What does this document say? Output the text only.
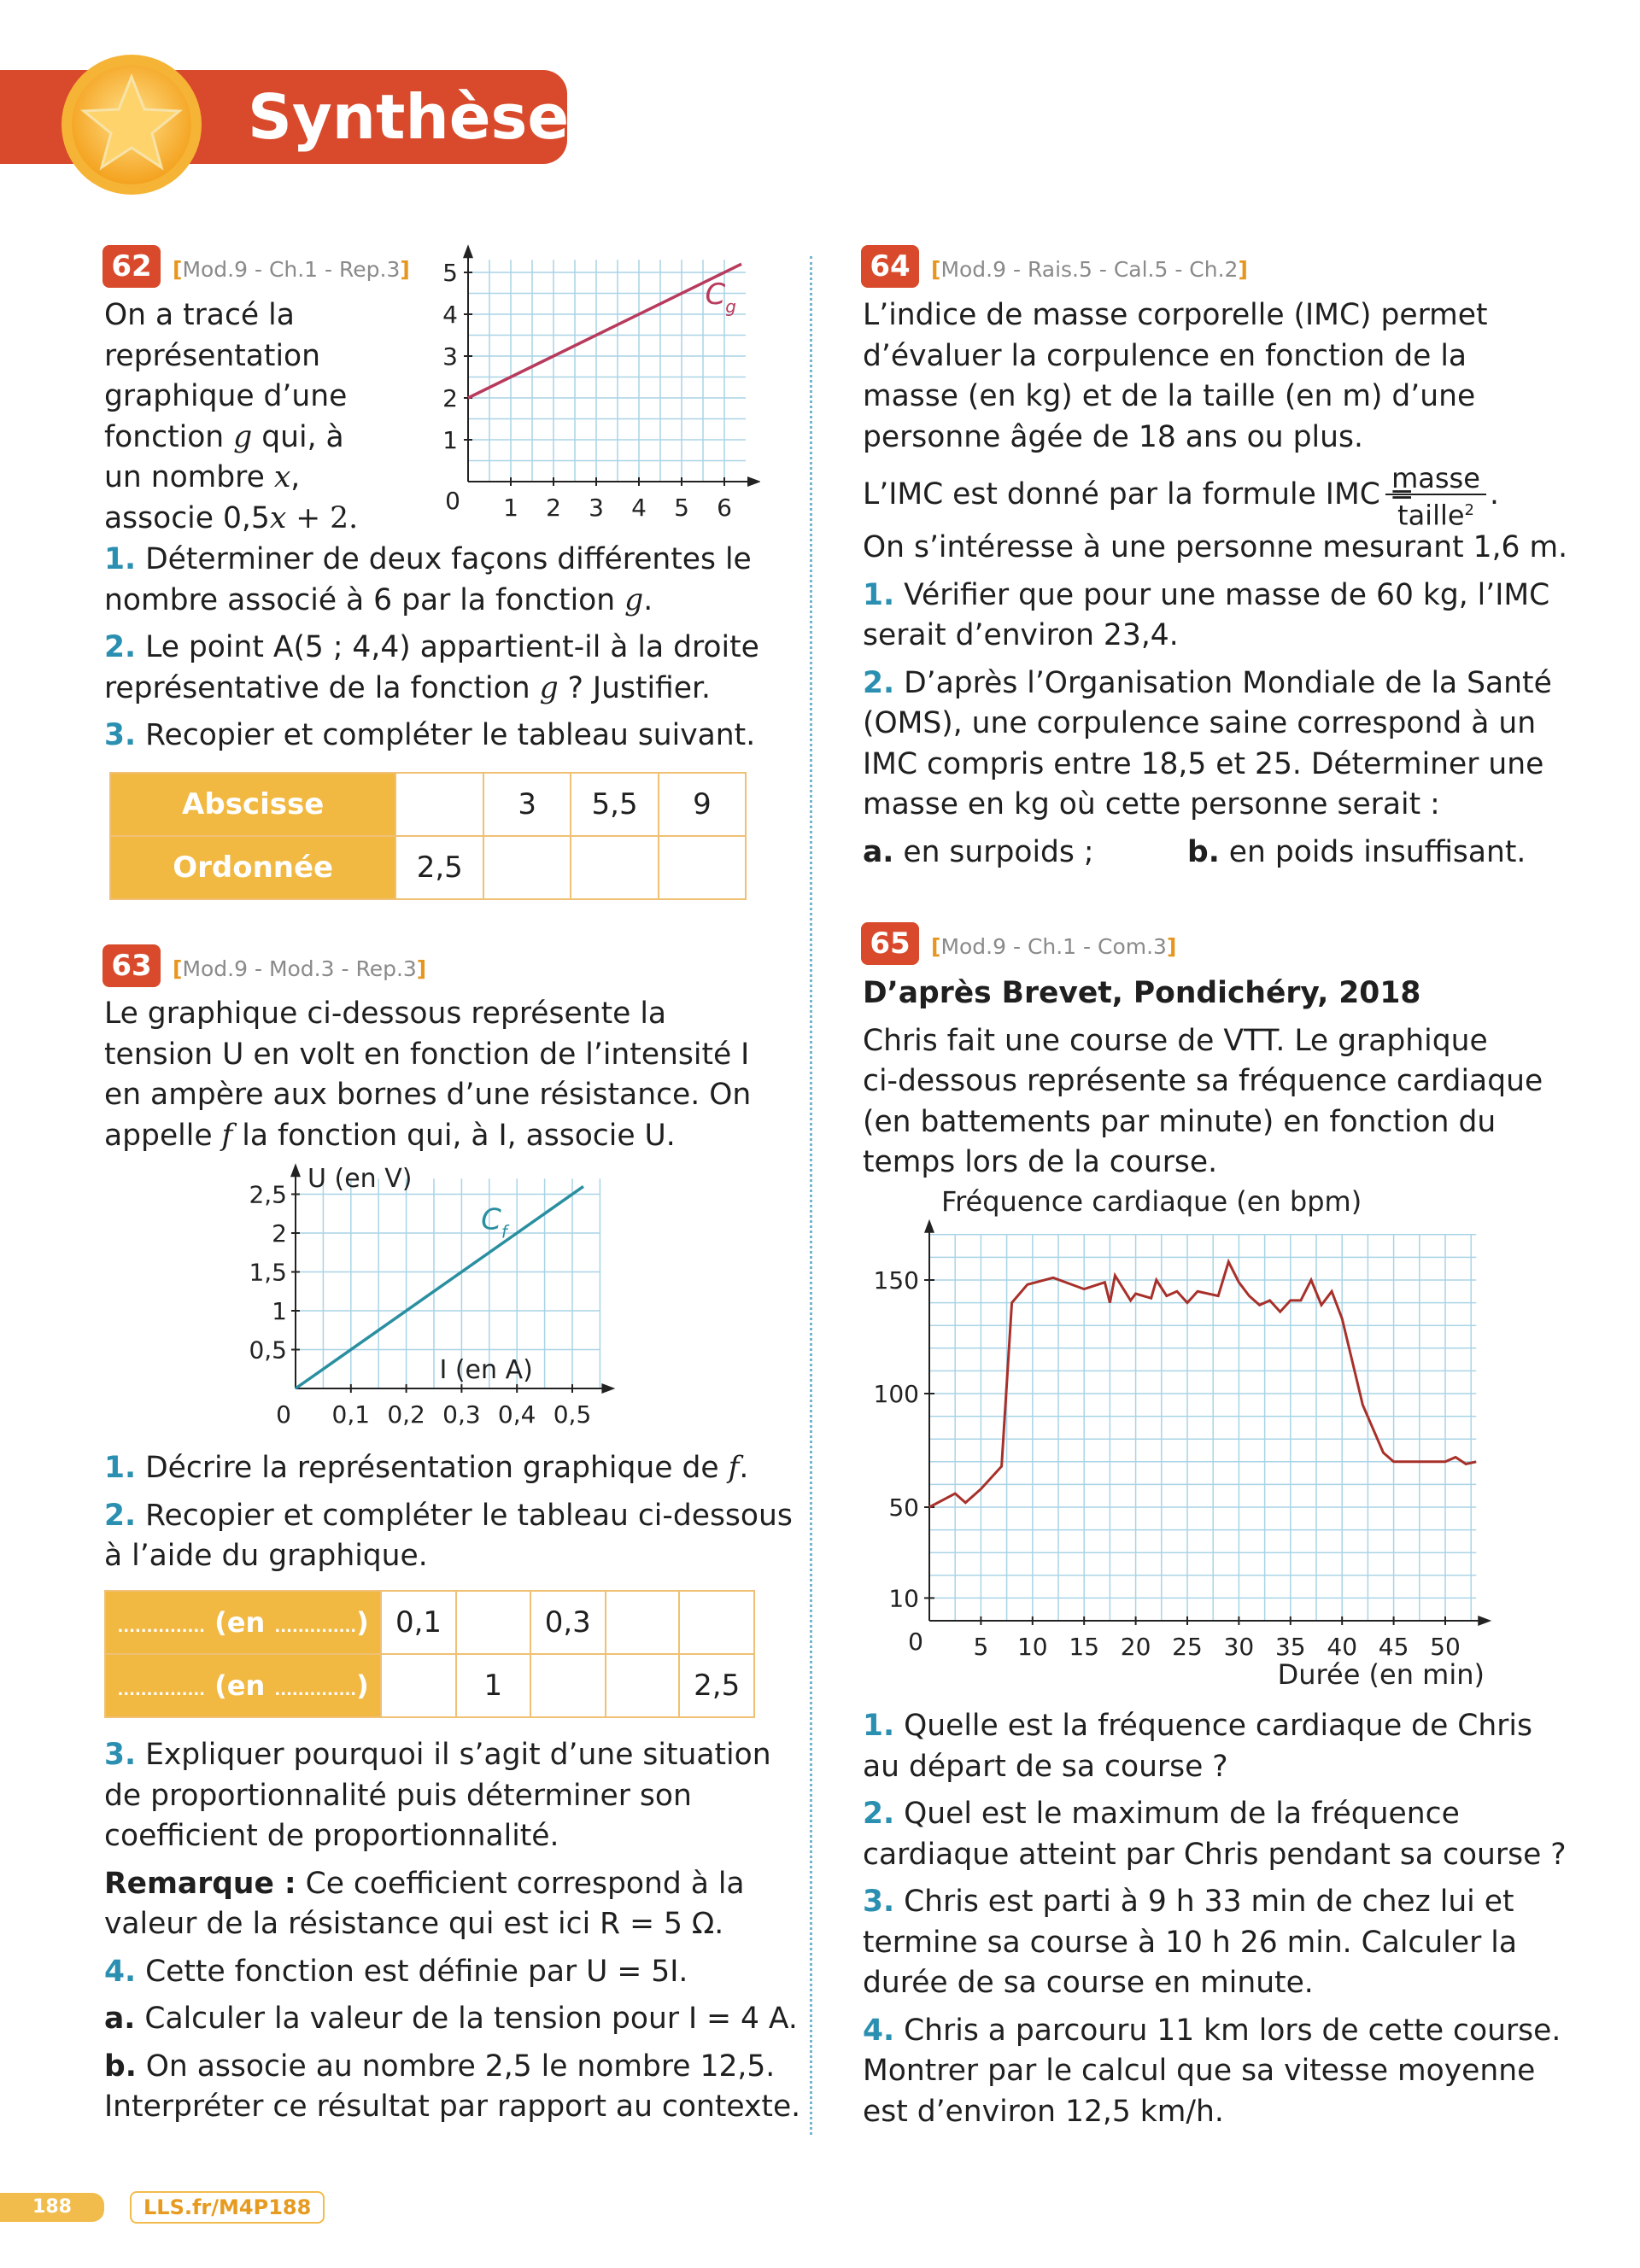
Synthèse
62 [Mod.9 - Ch.1 - Rep.3]

On a tracé la

représentation

graphique d’une

fonction g qui, à

un nombre x,

associe 0,5x + 2.	1 2 3 4 5 6
1
2
3
4
5
0
$C_g$

1. Déterminer de deux façons différentes le

nombre associé à 6 par la fonction g.

2. Le point A(5 ; 4,4) appartient-il à la droite

représentative de la fonction g ? Justifier.

3. Recopier et compléter le tableau suivant.

Abscisse		3	5,5	9
Ordonnée	2,5			
63 [Mod.9 - Mod.3 - Rep.3]

Le graphique ci-dessous représente la

tension U en volt en fonction de l’intensité I

en ampère aux bornes d’une résistance. On

appelle f la fonction qui, à I, associe U.

0,1 0,2 0,3 0,4 0,5
0,5
1
1,5
2
2,5
0
$C_f$
U (en V)
I (en A)

1. Décrire la représentation graphique de f.

2. Recopier et compléter le tableau ci-dessous

à l’aide du graphique.

............... (en ..............)	0,1		0,3		
............... (en ..............)		1			2,5

3. Expliquer pourquoi il s’agit d’une situation

de proportionnalité puis déterminer son

coefficient de proportionnalité.

Remarque : Ce coefficient correspond à la

valeur de la résistance qui est ici R = 5 Ω.

4. Cette fonction est définie par U = 5I.

a. Calculer la valeur de la tension pour I = 4 A.

b. On associe au nombre 2,5 le nombre 12,5.

Interpréter ce résultat par rapport au contexte.

64 [Mod.9 - Rais.5 - Cal.5 - Ch.2]

L’indice de masse corporelle (IMC) permet

d’évaluer la corpulence en fonction de la

masse (en kg) et de la taille (en m) d’une

personne âgée de 18 ans ou plus.

L’IMC est donné par la formule IMC =
masse
taille$^2$ .

On s’intéresse à une personne mesurant 1,6 m.

1. Vérifier que pour une masse de 60 kg, l’IMC

serait d’environ 23,4.

2. D’après l’Organisation Mondiale de la Santé

(OMS), une corpulence saine correspond à un

IMC compris entre 18,5 et 25. Déterminer une

masse en kg où cette personne serait :

a. en surpoids ;	b. en poids insuffisant.

65 [Mod.9 - Ch.1 - Com.3]

D’après Brevet, Pondichéry, 2018

Chris fait une course de VTT. Le graphique

ci-dessous représente sa fréquence cardiaque

(en battements par minute) en fonction du

temps lors de la course.

5 10 15 20 25 30 35 40 45 50
10
50
100
150
0
Fréquence cardiaque (en bpm)
Durée (en min)

1. Quelle est la fréquence cardiaque de Chris

au départ de sa course ?

2. Quel est le maximum de la fréquence

cardiaque atteint par Chris pendant sa course ?

3. Chris est parti à 9 h 33 min de chez lui et

termine sa course à 10 h 26 min. Calculer la

durée de sa course en minute.

4. Chris a parcouru 11 km lors de cette course.

Montrer par le calcul que sa vitesse moyenne

est d’environ 12,5 km/h.

188	LLS.fr/M4P188
